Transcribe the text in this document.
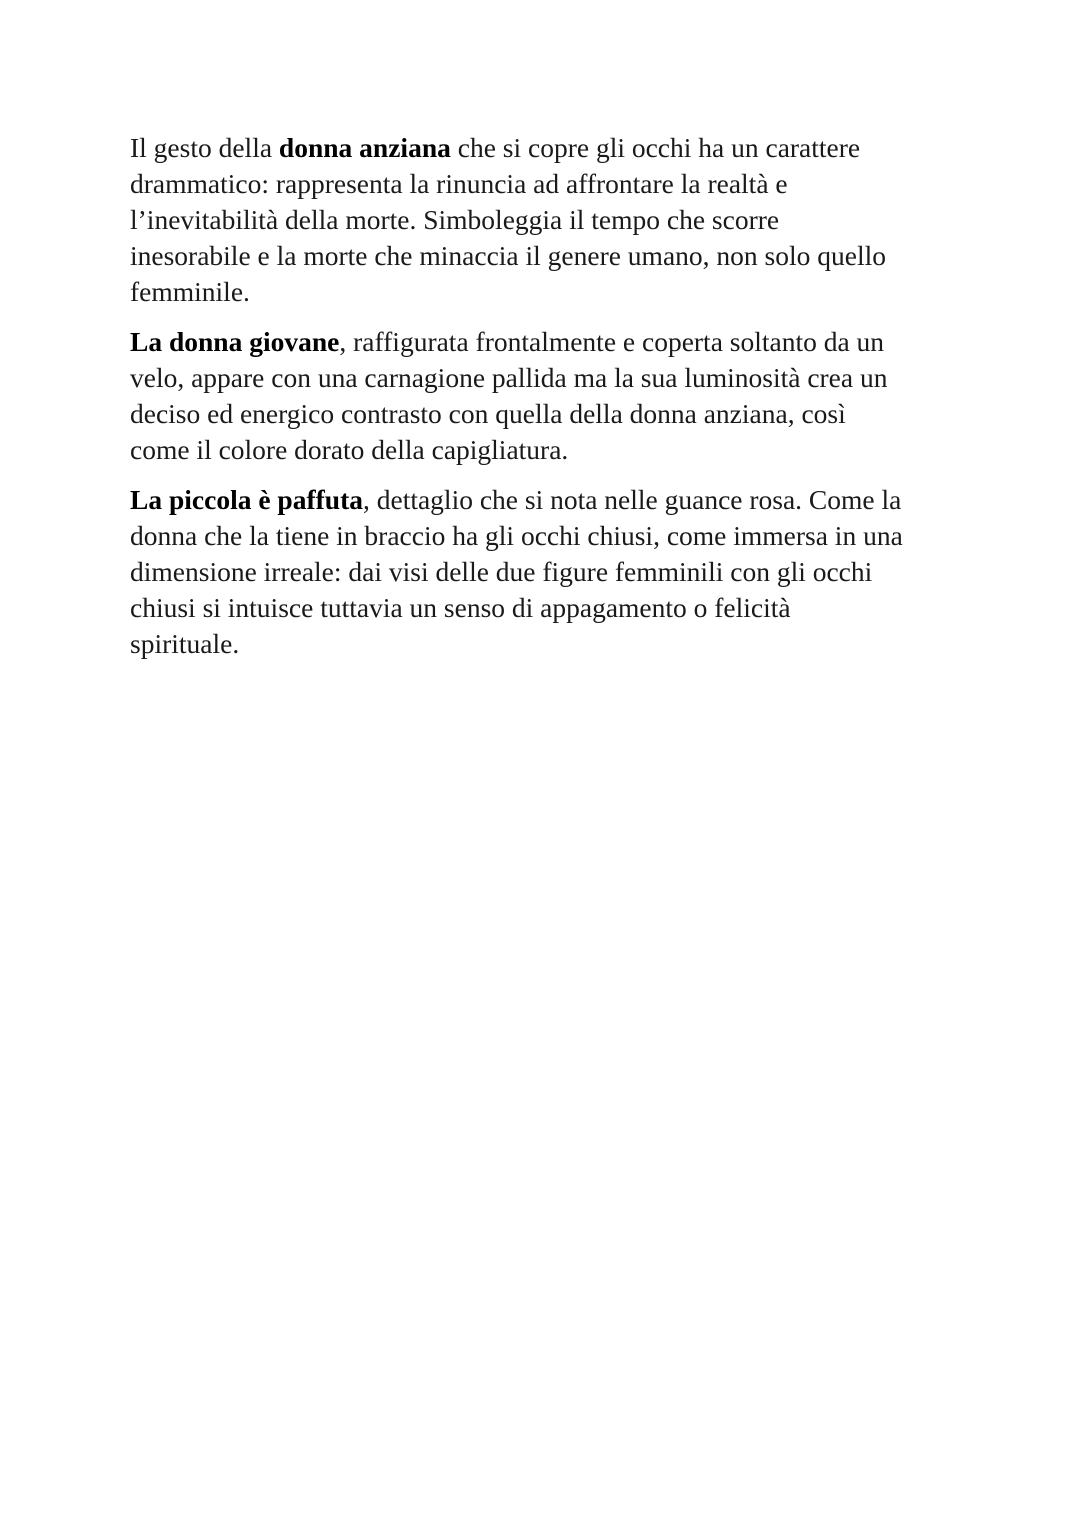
Il gesto della donna anziana che si copre gli occhi ha un carattere
drammatico: rappresenta la rinuncia ad affrontare la realtà e
l’inevitabilità della morte. Simboleggia il tempo che scorre
inesorabile e la morte che minaccia il genere umano, non solo quello
femminile.

La donna giovane, raffigurata frontalmente e coperta soltanto da un
velo, appare con una carnagione pallida ma la sua luminosità crea un
deciso ed energico contrasto con quella della donna anziana, così
come il colore dorato della capigliatura.

La piccola è paffuta, dettaglio che si nota nelle guance rosa. Come la
donna che la tiene in braccio ha gli occhi chiusi, come immersa in una
dimensione irreale: dai visi delle due figure femminili con gli occhi
chiusi si intuisce tuttavia un senso di appagamento o felicità
spirituale.
